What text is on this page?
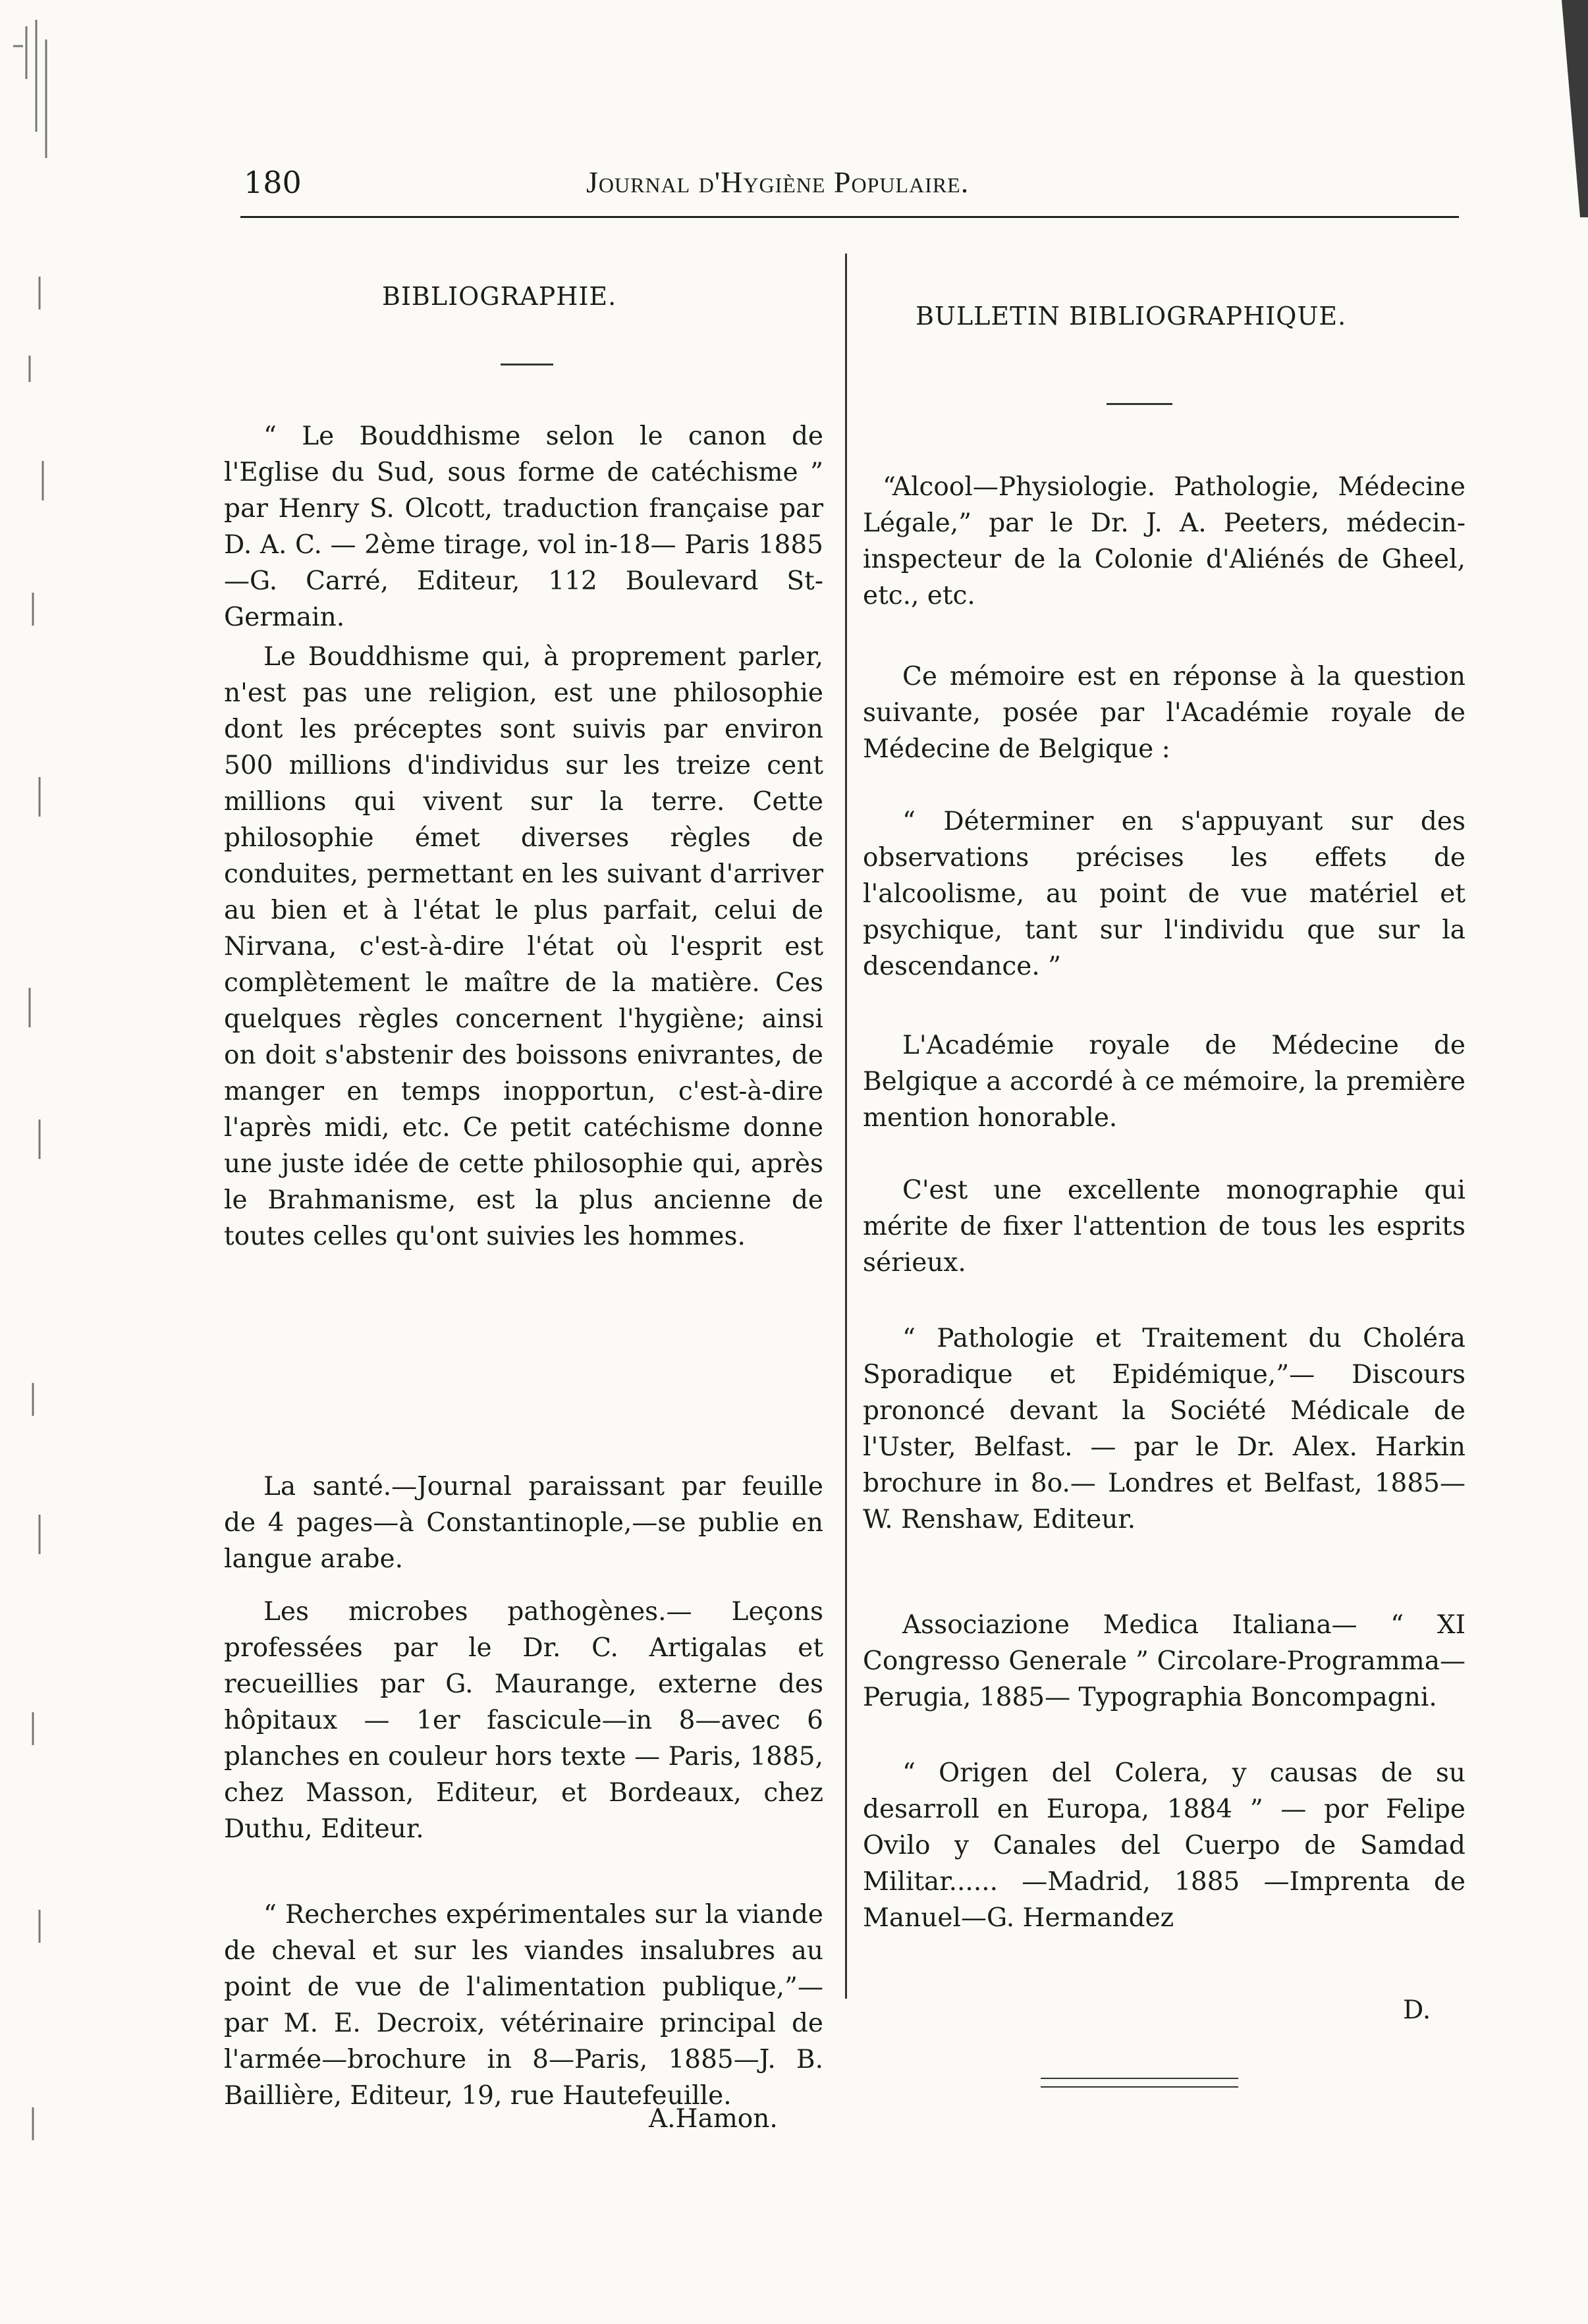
180	Journal d'Hygiène Populaire.
BIBLIOGRAPHIE.
“ Le Bouddhisme selon le canon de l'Eglise du Sud, sous forme de catéchisme ” par Henry S. Olcott, traduction française par D. A. C. — 2ème tirage, vol in-18— Paris 1885—G. Carré, Editeur, 112 Boulevard St-Germain.
Le Bouddhisme qui, à proprement parler, n'est pas une religion, est une philosophie dont les préceptes sont suivis par environ 500 millions d'individus sur les treize cent millions qui vivent sur la terre. Cette philosophie émet diverses règles de conduites, permettant en les suivant d'arriver au bien et à l'état le plus parfait, celui de Nirvana, c'est-à-dire l'état où l'esprit est complètement le maître de la matière. Ces quelques règles concernent l'hygiène; ainsi on doit s'abstenir des boissons enivrantes, de manger en temps inopportun, c'est-à-dire l'après midi, etc. Ce petit catéchisme donne une juste idée de cette philosophie qui, après le Brahmanisme, est la plus ancienne de toutes celles qu'ont suivies les hommes.
La santé.—Journal paraissant par feuille de 4 pages—à Constantinople,—se publie en langue arabe.
Les microbes pathogènes.— Leçons professées par le Dr. C. Artigalas et recueillies par G. Maurange, externe des hôpitaux — 1er fascicule—in 8—avec 6 planches en couleur hors texte — Paris, 1885, chez Masson, Editeur, et Bordeaux, chez Duthu, Editeur.
“ Recherches expérimentales sur la viande de cheval et sur les viandes insalubres au point de vue de l'alimentation publique,”—par M. E. Decroix, vétérinaire principal de l'armée—brochure in 8—Paris, 1885—J. B. Baillière, Editeur, 19, rue Hautefeuille.
A.Hamon.
BULLETIN BIBLIOGRAPHIQUE.
“Alcool—Physiologie. Pathologie, Médecine Légale,” par le Dr. J. A. Peeters, médecin-inspecteur de la Colonie d'Aliénés de Gheel, etc., etc.
Ce mémoire est en réponse à la question suivante, posée par l'Académie royale de Médecine de Belgique :
“ Déterminer en s'appuyant sur des observations précises les effets de l'alcoolisme, au point de vue matériel et psychique, tant sur l'individu que sur la descendance. ”
L'Académie royale de Médecine de Belgique a accordé à ce mémoire, la première mention honorable.
C'est une excellente monographie qui mérite de fixer l'attention de tous les esprits sérieux.
“ Pathologie et Traitement du Choléra Sporadique et Epidémique,”— Discours prononcé devant la Société Médicale de l'Uster, Belfast. — par le Dr. Alex. Harkin brochure in 8o.— Londres et Belfast, 1885—W. Renshaw, Editeur.
Associazione Medica Italiana— “ XI Congresso Generale ” Circolare-Programma— Perugia, 1885— Typographia Boncompagni.
“ Origen del Colera, y causas de su desarroll en Europa, 1884 ” — por Felipe Ovilo y Canales del Cuerpo de Samdad Militar...... —Madrid, 1885 —Imprenta de Manuel—G. Hermandez
D.
